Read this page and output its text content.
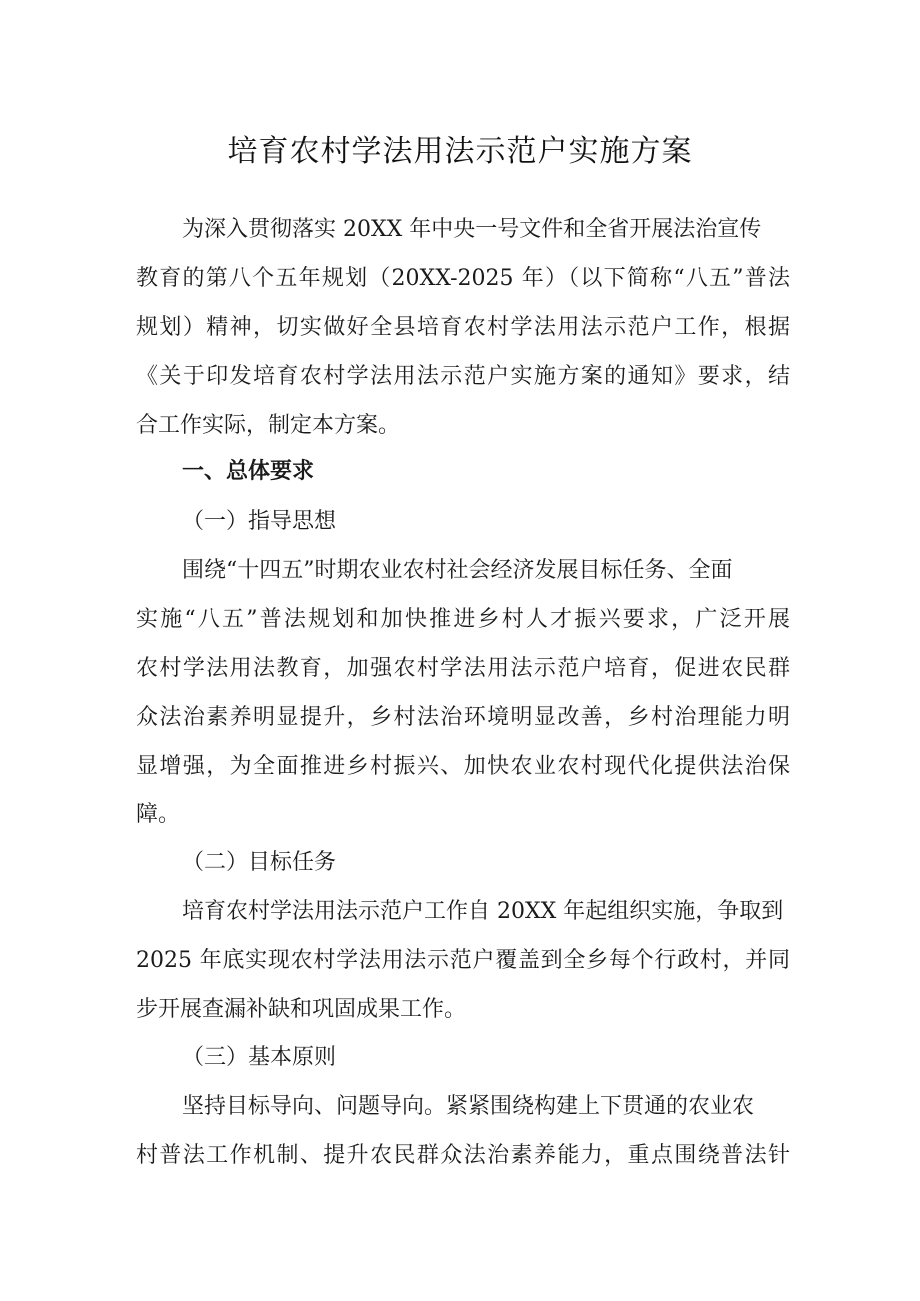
培育农村学法用法示范户实施方案

为深入贯彻落实 20XX 年中央一号文件和全省开展法治宣传

教育的第八个五年规划（20XX-2025 年）（以下简称“八五”普法

规划）精神，切实做好全县培育农村学法用法示范户工作，根据

《关于印发培育农村学法用法示范户实施方案的通知》要求，结

合工作实际，制定本方案。

一、总体要求

（一）指导思想

围绕“十四五”时期农业农村社会经济发展目标任务、全面

实施“八五”普法规划和加快推进乡村人才振兴要求，广泛开展

农村学法用法教育，加强农村学法用法示范户培育，促进农民群

众法治素养明显提升，乡村法治环境明显改善，乡村治理能力明

显增强，为全面推进乡村振兴、加快农业农村现代化提供法治保

障。

（二）目标任务

培育农村学法用法示范户工作自 20XX 年起组织实施，争取到

2025 年底实现农村学法用法示范户覆盖到全乡每个行政村，并同

步开展查漏补缺和巩固成果工作。

（三）基本原则

坚持目标导向、问题导向。紧紧围绕构建上下贯通的农业农

村普法工作机制、提升农民群众法治素养能力，重点围绕普法针
